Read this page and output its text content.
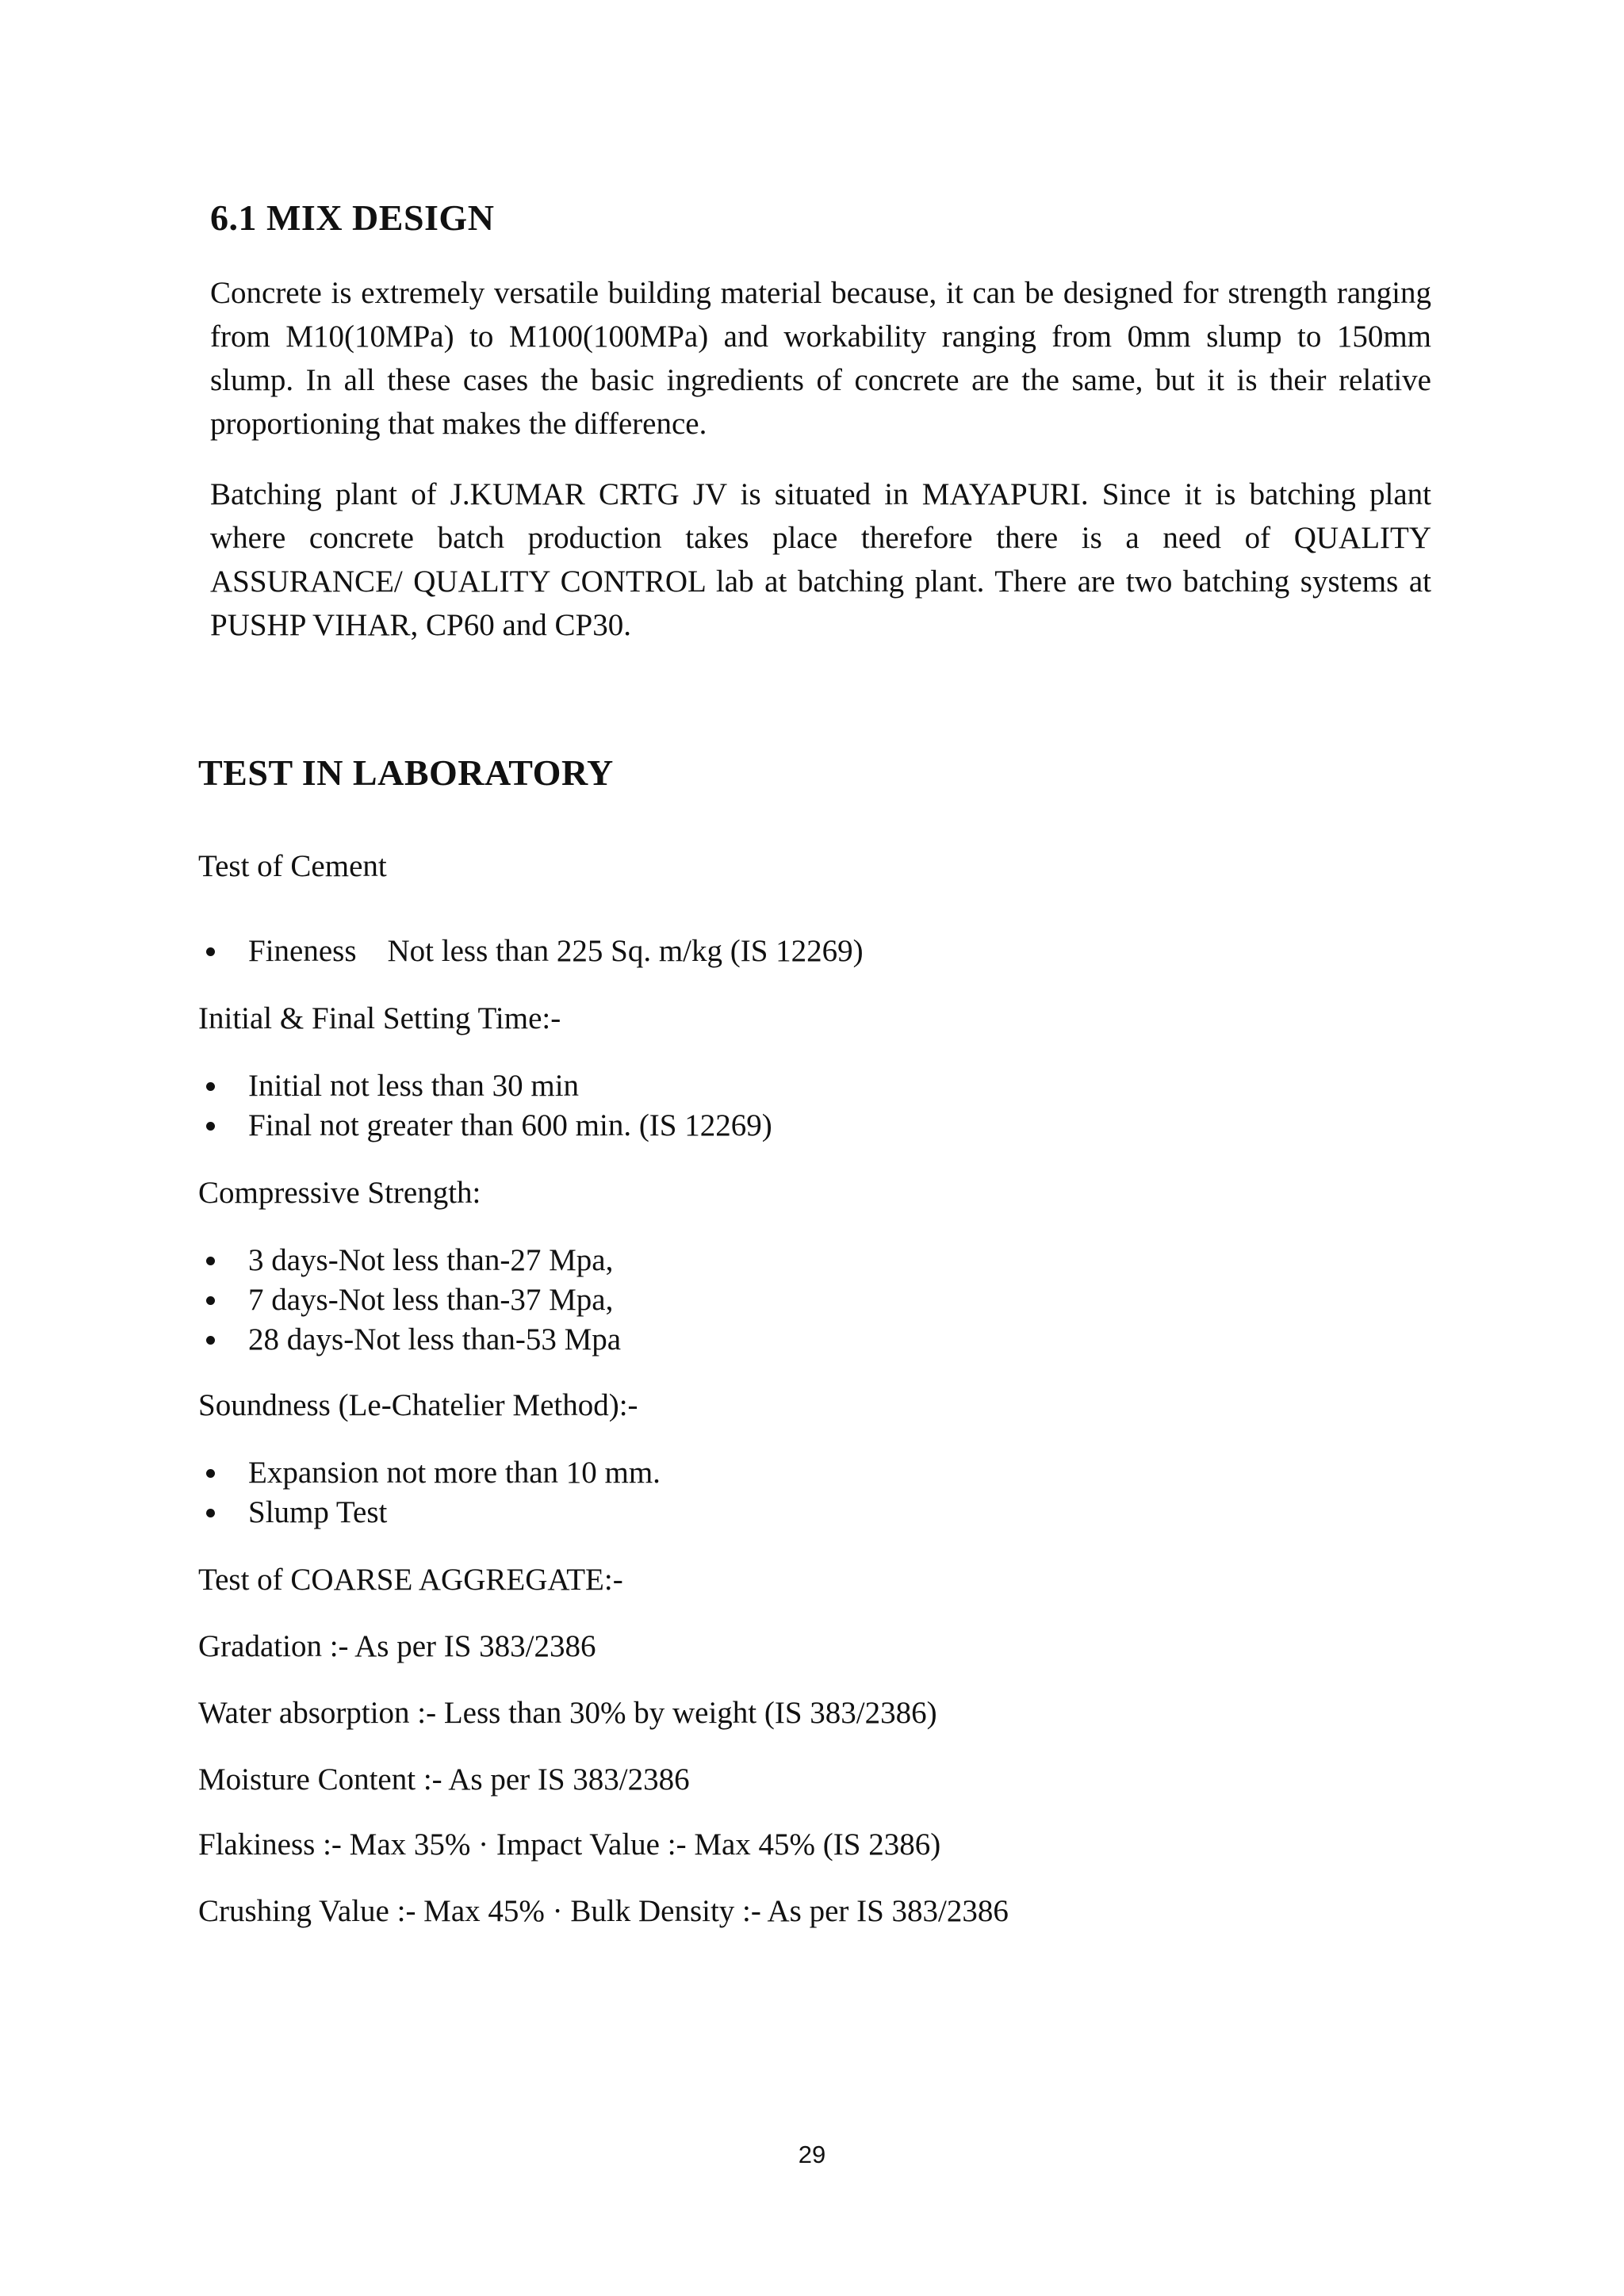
6.1 MIX DESIGN

Concrete is extremely versatile building material because, it can be designed for strength ranging from M10(10MPa) to M100(100MPa) and workability ranging from 0mm slump to 150mm slump. In all these cases the basic ingredients of concrete are the same, but it is their relative proportioning that makes the difference.

Batching plant of J.KUMAR CRTG JV is situated in MAYAPURI. Since it is batching plant where concrete batch production takes place therefore there is a need of QUALITY ASSURANCE/ QUALITY CONTROL lab at batching plant. There are two batching systems at PUSHP VIHAR, CP60 and CP30.

TEST IN LABORATORY

Test of Cement

Fineness    Not less than 225 Sq. m/kg (IS 12269)

Initial & Final Setting Time:-

Initial not less than 30 min
Final not greater than 600 min. (IS 12269)

Compressive Strength:

3 days-Not less than-27 Mpa,
7 days-Not less than-37 Mpa,
28 days-Not less than-53 Mpa

Soundness (Le-Chatelier Method):-

Expansion not more than 10 mm.
Slump Test

Test of COARSE AGGREGATE:-

Gradation :- As per IS 383/2386

Water absorption :- Less than 30% by weight (IS 383/2386)

Moisture Content :- As per IS 383/2386

Flakiness :- Max 35% · Impact Value :- Max 45% (IS 2386)

Crushing Value :- Max 45% · Bulk Density :- As per IS 383/2386

29
